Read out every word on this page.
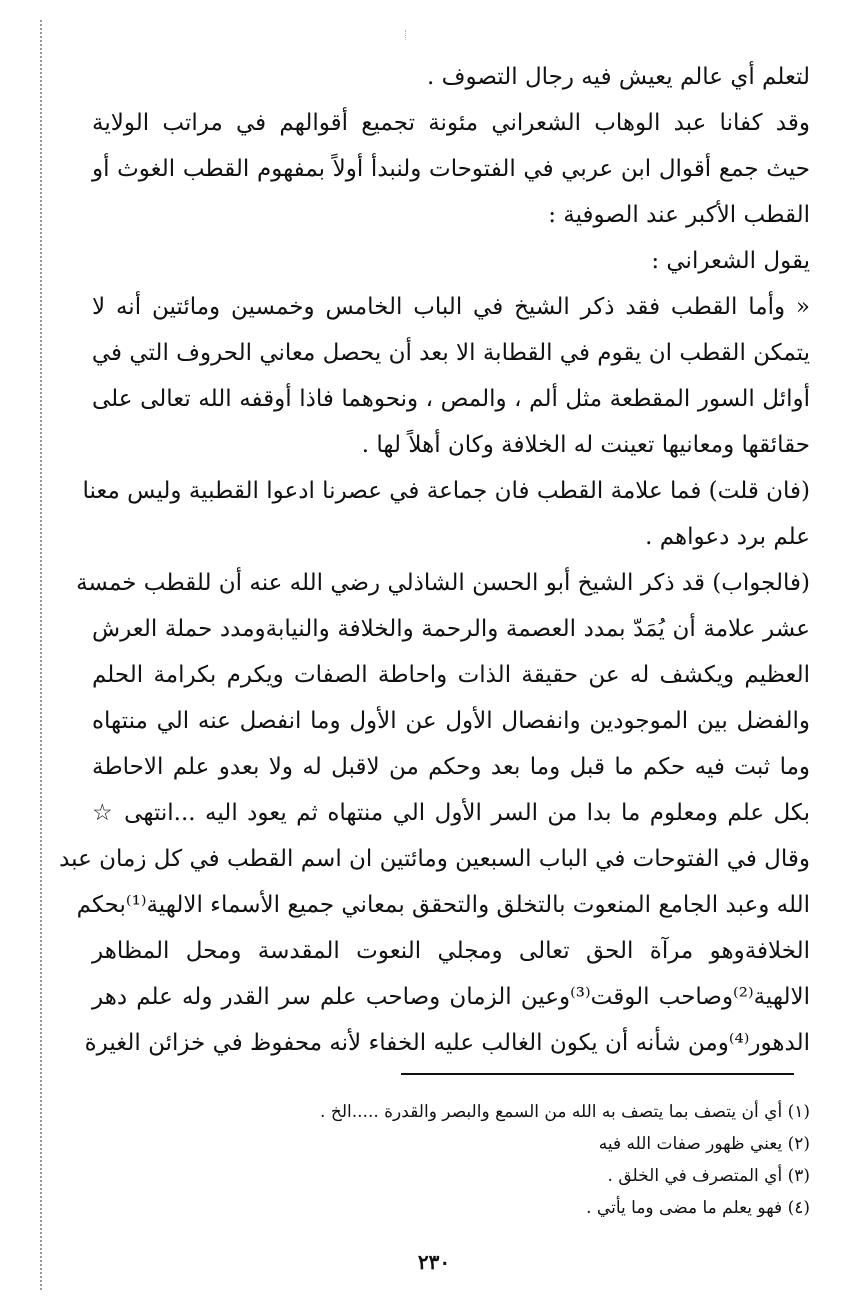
لتعلم أي عالم يعيش فيه رجال التصوف .
وقد كفانا عبد الوهاب الشعراني مئونة تجميع أقوالهم في مراتب الولاية
حيث جمع أقوال ابن عربي في الفتوحات ولنبدأ أولاً بمفهوم القطب الغوث أو
القطب الأكبر عند الصوفية :
يقول الشعراني :
« وأما القطب فقد ذكر الشيخ في الباب الخامس وخمسين ومائتين أنه لا
يتمكن القطب ان يقوم في القطابة الا بعد أن يحصل معاني الحروف التي في
أوائل السور المقطعة مثل ألم ، والمص ، ونحوهما فاذا أوقفه الله تعالى على
حقائقها ومعانيها تعينت له الخلافة وكان أهلاً لها .
(فان قلت) فما علامة القطب فان جماعة في عصرنا ادعوا القطبية وليس معنا
علم برد دعواهم .
(فالجواب) قد ذكر الشيخ أبو الحسن الشاذلي رضي الله عنه أن للقطب خمسة
عشر علامة أن يُمَدّ بمدد العصمة والرحمة والخلافة والنيابةومدد حملة العرش
العظيم ويكشف له عن حقيقة الذات واحاطة الصفات ويكرم بكرامة الحلم
والفضل بين الموجودين وانفصال الأول عن الأول وما انفصل عنه الي منتهاه
وما ثبت فيه حكم ما قبل وما بعد وحكم من لاقبل له ولا بعدو علم الاحاطة
بكل علم ومعلوم ما بدا من السر الأول الي منتهاه ثم يعود اليه ...انتهى ☆
وقال في الفتوحات في الباب السبعين ومائتين ان اسم القطب في كل زمان عبد
الله وعبد الجامع المنعوت بالتخلق والتحقق بمعاني جميع الأسماء الالهية⁽¹⁾بحكم
الخلافةوهو مرآة الحق تعالى ومجلي النعوت المقدسة ومحل المظاهر
الالهية⁽²⁾وصاحب الوقت⁽³⁾وعين الزمان وصاحب علم سر القدر وله علم دهر
الدهور⁽⁴⁾ومن شأنه أن يكون الغالب عليه الخفاء لأنه محفوظ في خزائن الغيرة
(١) أي أن يتصف بما يتصف به الله من السمع والبصر والقدرة .....الخ .
(٢) يعني ظهور صفات الله فيه
(٣) أي المتصرف في الخلق .
(٤) فهو يعلم ما مضى وما يأتي .
٢٣٠
